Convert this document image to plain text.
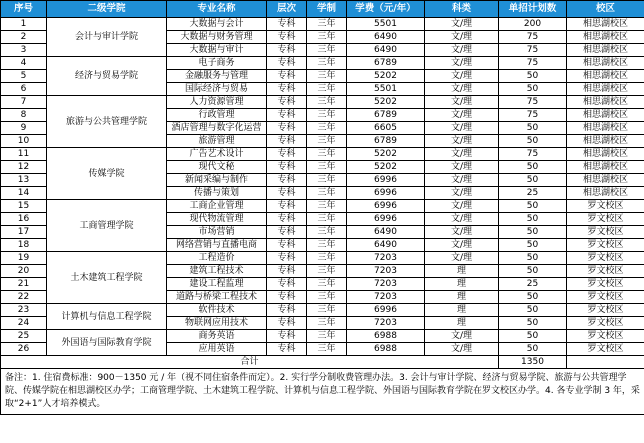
序号	二级学院	专业名称	层次	学制	学费（元/年）	科类	单招计划数	校区
1	会计与审计学院	大数据与会计	专科	三年	5501	文/理	200	相思湖校区
2		大数据与财务管理	专科	三年	6490	文/理	75	相思湖校区
3		大数据与审计	专科	三年	6490	文/理	75	相思湖校区
4	经济与贸易学院	电子商务	专科	三年	6789	文/理	75	相思湖校区
5		金融服务与管理	专科	三年	5202	文/理	50	相思湖校区
6		国际经济与贸易	专科	三年	5501	文/理	50	相思湖校区
7	旅游与公共管理学院	人力资源管理	专科	三年	5202	文/理	75	相思湖校区
8		行政管理	专科	三年	6789	文/理	75	相思湖校区
9		酒店管理与数字化运营	专科	三年	6605	文/理	50	相思湖校区
10		旅游管理	专科	三年	6789	文/理	50	相思湖校区
11	传媒学院	广告艺术设计	专科	三年	5202	文/理	75	相思湖校区
12		现代文秘	专科	三年	5202	文/理	50	相思湖校区
13		新闻采编与制作	专科	三年	6996	文/理	50	相思湖校区
14		传播与策划	专科	三年	6996	文/理	25	相思湖校区
15	工商管理学院	工商企业管理	专科	三年	6996	文/理	50	罗文校区
16		现代物流管理	专科	三年	6996	文/理	50	罗文校区
17		市场营销	专科	三年	6490	文/理	50	罗文校区
18		网络营销与直播电商	专科	三年	6490	文/理	50	罗文校区
19	土木建筑工程学院	工程造价	专科	三年	7203	文/理	50	罗文校区
20		建筑工程技术	专科	三年	7203	理	50	罗文校区
21		建设工程监理	专科	三年	7203	理	25	罗文校区
22		道路与桥梁工程技术	专科	三年	7203	理	50	罗文校区
23	计算机与信息工程学院	软件技术	专科	三年	6996	理	50	罗文校区
24		物联网应用技术	专科	三年	7203	理	50	罗文校区
25	外国语与国际教育学院	商务英语	专科	三年	6988	文/理	50	罗文校区
26		应用英语	专科	三年	6988	文/理	50	罗文校区
合计							1350	
备注：1. 住宿费标准：900－1350 元 / 年（视不同住宿条件而定）。2. 实行学分制收费管理办法。3. 会计与审计学院、经济与贸易学院、旅游与公共管理学院、传媒学院在相思湖校区办学；工商管理学院、土木建筑工程学院、计算机与信息工程学院、外国语与国际教育学院在罗文校区办学。4. 各专业学制 3 年，采取“2+1”人才培养模式。								
